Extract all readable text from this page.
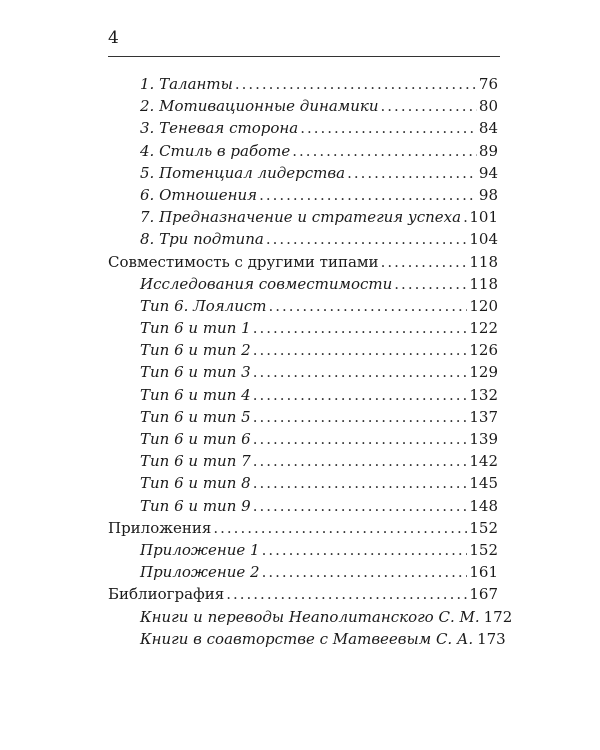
4
1. Таланты .....	76
2. Мотивационные динамики .....	80
3. Теневая сторона .....	84
4. Стиль в работе .....	89
5. Потенциал лидерства .....	94
6. Отношения .....	98
7. Предназначение и стратегия успеха ..... 101
8. Три подтипа .....	104
Совместимость с другими типами .....	118
Исследования совместимости .....	118
Тип 6. Лоялист .....	120
Тип 6 и тип 1 .....	122
Тип 6 и тип 2 .....	126
Тип 6 и тип 3 .....	129
Тип 6 и тип 4 .....	132
Тип 6 и тип 5 .....	137
Тип 6 и тип 6 .....	139
Тип 6 и тип 7 .....	142
Тип 6 и тип 8 .....	145
Тип 6 и тип 9 .....	148
Приложения .....	152
Приложение 1 .....	152
Приложение 2 .....	161
Библиография .....	167
Книги и переводы Неаполитанского С. М. 172
Книги в соавторстве с Матвеевым С. А. 173
